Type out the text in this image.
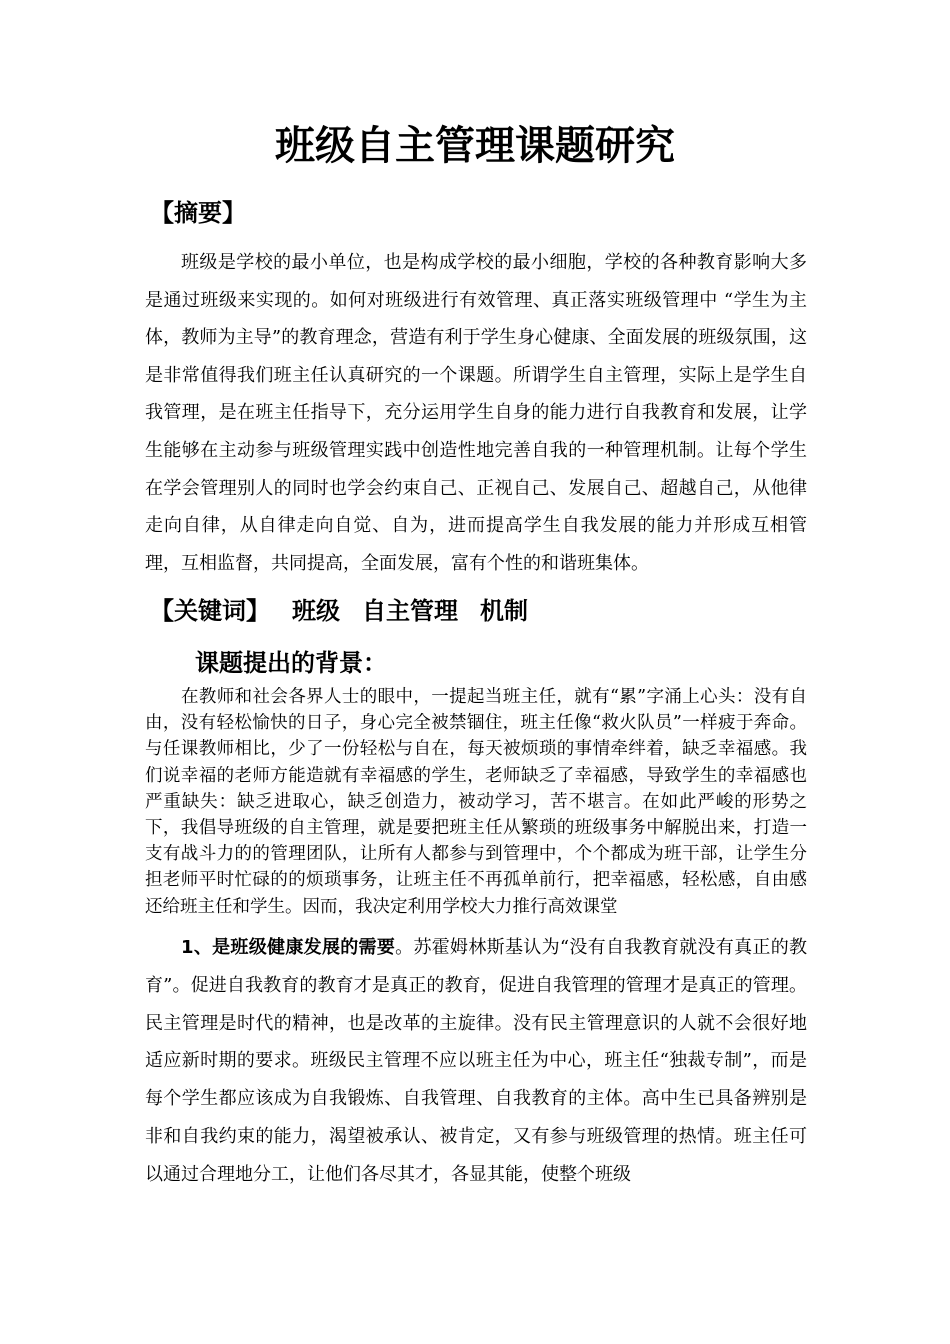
班级自主管理课题研究
【摘要】

班级是学校的最小单位，也是构成学校的最小细胞，学校的各种教育影响大多是通过班级来实现的。如何对班级进行有效管理、真正落实班级管理中 “学生为主体，教师为主导”的教育理念，营造有利于学生身心健康、全面发展的班级氛围，这是非常值得我们班主任认真研究的一个课题。所谓学生自主管理，实际上是学生自我管理，是在班主任指导下，充分运用学生自身的能力进行自我教育和发展，让学生能够在主动参与班级管理实践中创造性地完善自我的一种管理机制。让每个学生在学会管理别人的同时也学会约束自己、正视自己、发展自己、超越自己，从他律走向自律，从自律走向自觉、自为，进而提高学生自我发展的能力并形成互相管理，互相监督，共同提高，全面发展，富有个性的和谐班集体。

【关键词】 班级 自主管理 机制
课题提出的背景：

在教师和社会各界人士的眼中，一提起当班主任，就有“累”字涌上心头：没有自由，没有轻松愉快的日子，身心完全被禁锢住，班主任像“救火队员”一样疲于奔命。与任课教师相比，少了一份轻松与自在，每天被烦琐的事情牵绊着，缺乏幸福感。我们说幸福的老师方能造就有幸福感的学生，老师缺乏了幸福感，导致学生的幸福感也严重缺失：缺乏进取心，缺乏创造力，被动学习，苦不堪言。在如此严峻的形势之下，我倡导班级的自主管理，就是要把班主任从繁琐的班级事务中解脱出来，打造一支有战斗力的的管理团队，让所有人都参与到管理中，个个都成为班干部，让学生分担老师平时忙碌的的烦琐事务，让班主任不再孤单前行，把幸福感，轻松感，自由感还给班主任和学生。因而，我决定利用学校大力推行高效课堂

1、是班级健康发展的需要。苏霍姆林斯基认为“没有自我教育就没有真正的教育”。促进自我教育的教育才是真正的教育，促进自我管理的管理才是真正的管理。民主管理是时代的精神，也是改革的主旋律。没有民主管理意识的人就不会很好地适应新时期的要求。班级民主管理不应以班主任为中心，班主任“独裁专制”，而是每个学生都应该成为自我锻炼、自我管理、自我教育的主体。高中生已具备辨别是非和自我约束的能力，渴望被承认、被肯定，又有参与班级管理的热情。班主任可以通过合理地分工，让他们各尽其才，各显其能，使整个班级
